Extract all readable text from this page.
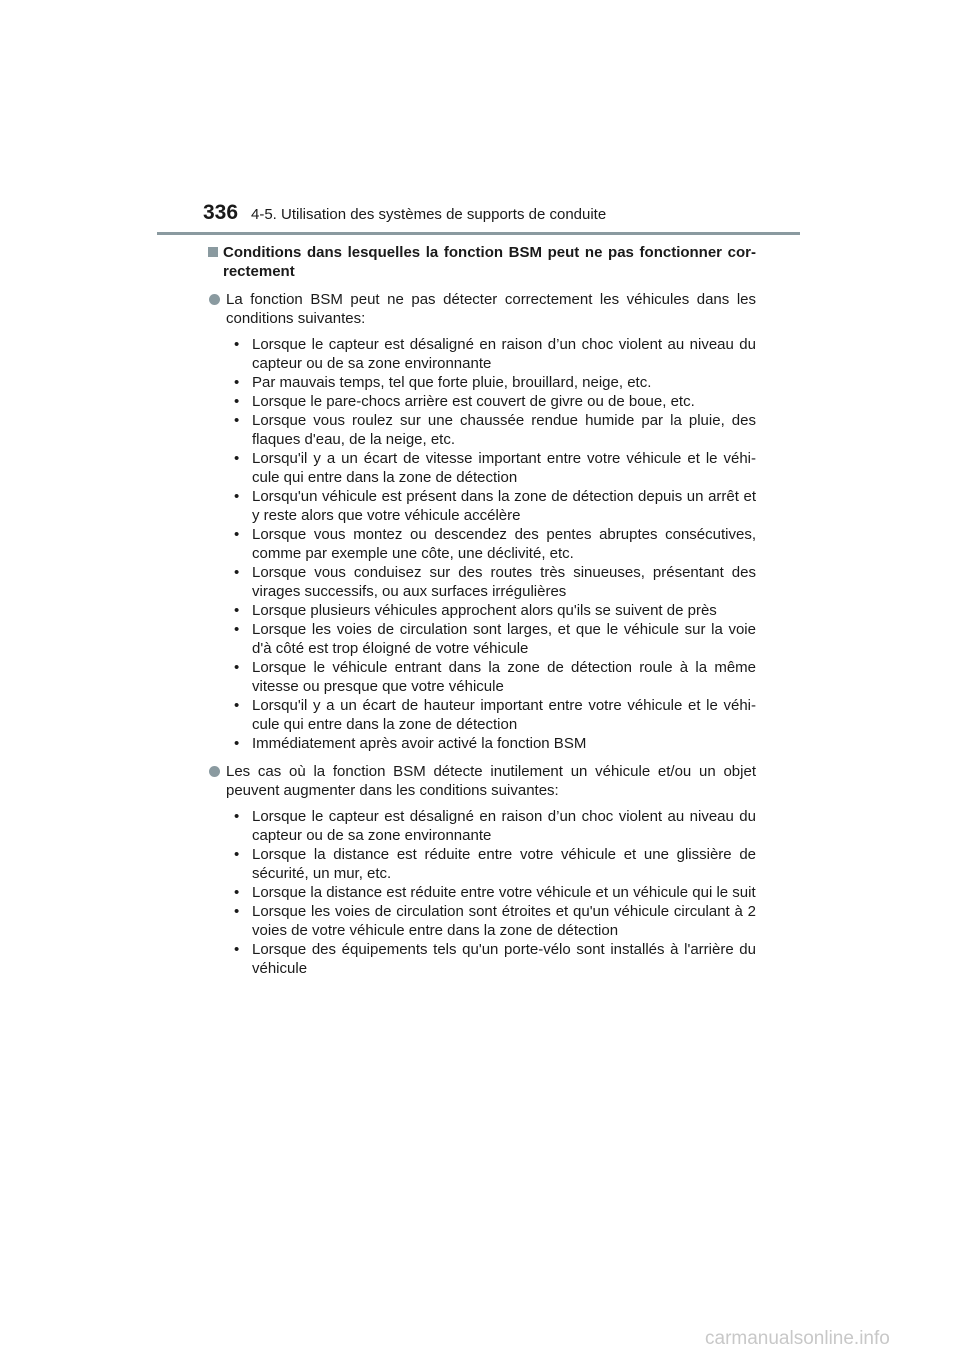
336 4-5. Utilisation des systèmes de supports de conduite
Conditions dans lesquelles la fonction BSM peut ne pas fonctionner cor- rectement
La fonction BSM peut ne pas détecter correctement les véhicules dans les conditions suivantes:
• Lorsque le capteur est désaligné en raison d’un choc violent au niveau du capteur ou de sa zone environnante
• Par mauvais temps, tel que forte pluie, brouillard, neige, etc.
• Lorsque le pare-chocs arrière est couvert de givre ou de boue, etc.
• Lorsque vous roulez sur une chaussée rendue humide par la pluie, des flaques d'eau, de la neige, etc.
• Lorsqu'il y a un écart de vitesse important entre votre véhicule et le véhi- cule qui entre dans la zone de détection
• Lorsqu'un véhicule est présent dans la zone de détection depuis un arrêt et y reste alors que votre véhicule accélère
• Lorsque vous montez ou descendez des pentes abruptes consécutives, comme par exemple une côte, une déclivité, etc.
• Lorsque vous conduisez sur des routes très sinueuses, présentant des virages successifs, ou aux surfaces irrégulières
• Lorsque plusieurs véhicules approchent alors qu'ils se suivent de près
• Lorsque les voies de circulation sont larges, et que le véhicule sur la voie d'à côté est trop éloigné de votre véhicule
• Lorsque le véhicule entrant dans la zone de détection roule à la même vitesse ou presque que votre véhicule
• Lorsqu'il y a un écart de hauteur important entre votre véhicule et le véhi- cule qui entre dans la zone de détection
• Immédiatement après avoir activé la fonction BSM
Les cas où la fonction BSM détecte inutilement un véhicule et/ou un objet peuvent augmenter dans les conditions suivantes:
• Lorsque le capteur est désaligné en raison d’un choc violent au niveau du capteur ou de sa zone environnante
• Lorsque la distance est réduite entre votre véhicule et une glissière de sécurité, un mur, etc.
• Lorsque la distance est réduite entre votre véhicule et un véhicule qui le suit
• Lorsque les voies de circulation sont étroites et qu'un véhicule circulant à 2 voies de votre véhicule entre dans la zone de détection
• Lorsque des équipements tels qu'un porte-vélo sont installés à l'arrière du véhicule
carmanualsonline.info
